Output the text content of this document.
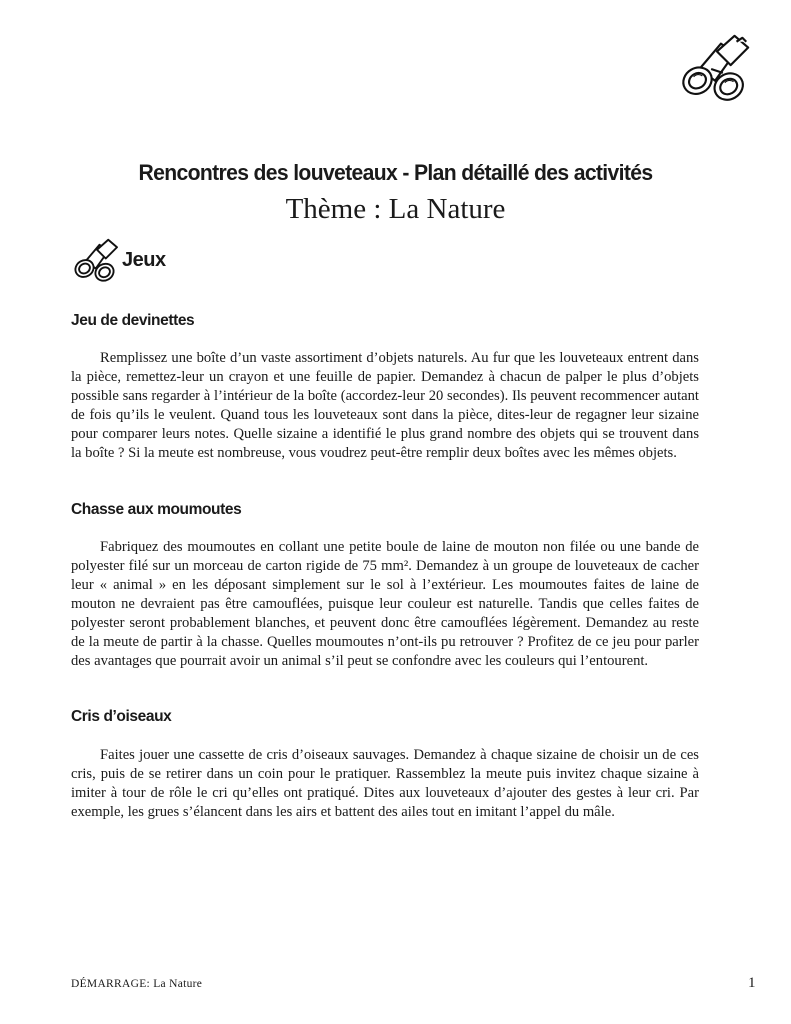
Rencontres des louveteaux - Plan détaillé des activités
Thème : La Nature
Jeux
Jeu de devinettes

Remplissez une boîte d’un vaste assortiment d’objets naturels. Au fur que les louveteaux entrent dans la pièce, remettez-leur un crayon et une feuille de papier. Demandez à chacun de palper le plus d’objets possible sans regarder à l’intérieur de la boîte (accordez-leur 20 secondes). Ils peuvent recommencer autant de fois qu’ils le veulent. Quand tous les louveteaux sont dans la pièce, dites-leur de regagner leur sizaine pour comparer leurs notes. Quelle sizaine a identifié le plus grand nombre des objets qui se trouvent dans la boîte ? Si la meute est nombreuse, vous voudrez peut-être remplir deux boîtes avec les mêmes objets.

Chasse aux moumoutes

Fabriquez des moumoutes en collant une petite boule de laine de mouton non filée ou une bande de polyester filé sur un morceau de carton rigide de 75 mm². Demandez à un groupe de louveteaux de cacher leur « animal » en les déposant simplement sur le sol à l’extérieur. Les moumoutes faites de laine de mouton ne devraient pas être camouflées, puisque leur couleur est naturelle. Tandis que celles faites de polyester seront probablement blanches, et peuvent donc être camouflées légèrement. Demandez au reste de la meute de partir à la chasse. Quelles moumoutes n’ont-ils pu retrouver ? Profitez de ce jeu pour parler des avantages que pourrait avoir un animal s’il peut se confondre avec les couleurs qui l’entourent.

Cris d’oiseaux

Faites jouer une cassette de cris d’oiseaux sauvages. Demandez à chaque sizaine de choisir un de ces cris, puis de se retirer dans un coin pour le pratiquer. Rassemblez la meute puis invitez chaque sizaine à imiter à tour de rôle le cri qu’elles ont pratiqué. Dites aux louveteaux d’ajouter des gestes à leur cri. Par exemple, les grues s’élancent dans les airs et battent des ailes tout en imitant l’appel du mâle.

DÉMARRAGE: La Nature	1
